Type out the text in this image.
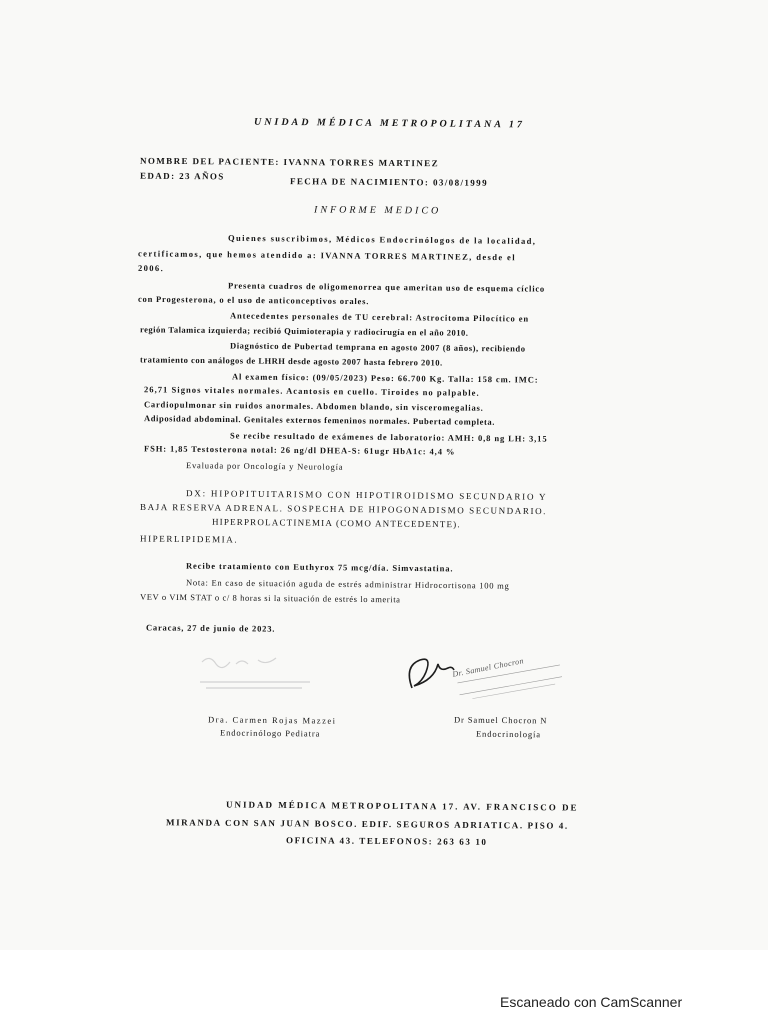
UNIDAD MÉDICA METROPOLITANA 17
NOMBRE DEL PACIENTE: IVANNA TORRES MARTINEZ
EDAD: 23 AÑOS
FECHA DE NACIMIENTO: 03/08/1999
INFORME MEDICO
Quienes suscribimos, Médicos Endocrinólogos de la localidad,
certificamos, que hemos atendido a: IVANNA TORRES MARTINEZ, desde el
2006.
Presenta cuadros de oligomenorrea que ameritan uso de esquema cíclico
con Progesterona, o el uso de anticonceptivos orales.
Antecedentes personales de TU cerebral: Astrocitoma Pilocítico en
región Talamica izquierda; recibió Quimioterapia y radiocirugía en el año 2010.
Diagnóstico de Pubertad temprana en agosto 2007 (8 años), recibiendo
tratamiento con análogos de LHRH desde agosto 2007 hasta febrero 2010.
Al examen físico: (09/05/2023) Peso: 66.700 Kg. Talla: 158 cm. IMC:
26,71 Signos vitales normales. Acantosis en cuello. Tiroides no palpable.
Cardiopulmonar sin ruidos anormales. Abdomen blando, sin visceromegalias.
Adiposidad abdominal. Genitales externos femeninos normales. Pubertad completa.
Se recibe resultado de exámenes de laboratorio: AMH: 0,8 ng LH: 3,15
FSH: 1,85 Testosterona notal: 26 ng/dl DHEA-S: 61ugr HbA1c: 4,4 %
Evaluada por Oncología y Neurología
DX: HIPOPITUITARISMO CON HIPOTIROIDISMO SECUNDARIO Y
BAJA RESERVA ADRENAL. SOSPECHA DE HIPOGONADISMO SECUNDARIO.
HIPERPROLACTINEMIA (COMO ANTECEDENTE).
HIPERLIPIDEMIA.
Recibe tratamiento con Euthyrox 75 mcg/día. Simvastatina.
Nota: En caso de situación aguda de estrés administrar Hidrocortisona 100 mg
VEV o VIM STAT o c/ 8 horas si la situación de estrés lo amerita
Caracas, 27 de junio de 2023.
Dr. Samuel Chocron
Dra. Carmen Rojas Mazzei
Endocrinólogo Pediatra
Dr Samuel Chocron N
Endocrinología
UNIDAD MÉDICA METROPOLITANA 17. AV. FRANCISCO DE
MIRANDA CON SAN JUAN BOSCO. EDIF. SEGUROS ADRIATICA. PISO 4.
OFICINA 43. TELEFONOS: 263 63 10
Escaneado con CamScanner
